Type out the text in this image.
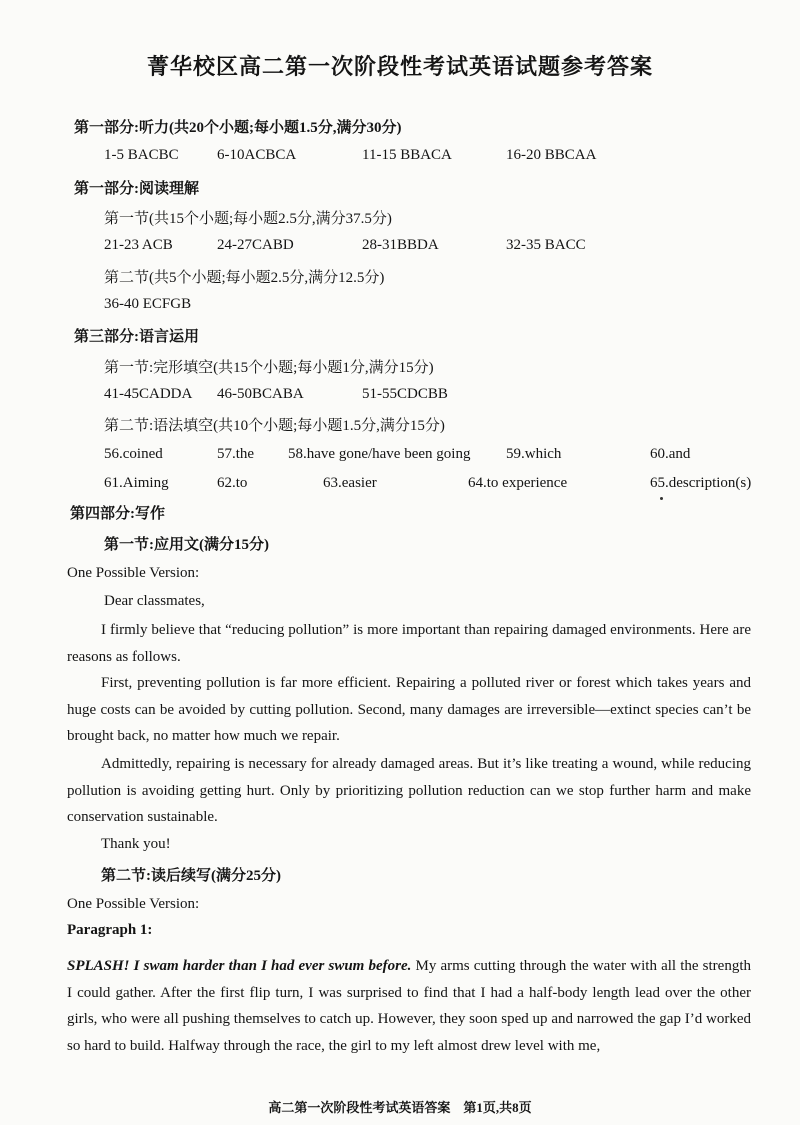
菁华校区高二第一次阶段性考试英语试题参考答案
第一部分:听力(共20个小题;每小题1.5分,满分30分)
1-5 BACBC	6-10ACBCA	11-15 BBACA	16-20 BBCAA
第一部分:阅读理解
第一节(共15个小题;每小题2.5分,满分37.5分)
21-23 ACB	24-27CABD	28-31BBDA	32-35 BACC
第二节(共5个小题;每小题2.5分,满分12.5分)
36-40 ECFGB
第三部分:语言运用
第一节:完形填空(共15个小题;每小题1分,满分15分)
41-45CADDA 46-50BCABA	51-55CDCBB
第二节:语法填空(共10个小题;每小题1.5分,满分15分)
56.coined	57.the 58.have gone/have been going 59.which	60.and
61.Aiming	62.to	63.easier	64.to experience	65.description(s)
第四部分:写作
第一节:应用文(满分15分)
One Possible Version:
Dear classmates,
I firmly believe that “reducing pollution” is more important than repairing damaged environments. Here are reasons as follows.
First, preventing pollution is far more efficient. Repairing a polluted river or forest which takes years and huge costs can be avoided by cutting pollution. Second, many damages are irreversible—extinct species can’t be brought back, no matter how much we repair.
Admittedly, repairing is necessary for already damaged areas. But it’s like treating a wound, while reducing pollution is avoiding getting hurt. Only by prioritizing pollution reduction can we stop further harm and make conservation sustainable.
Thank you!
第二节:读后续写(满分25分)
One Possible Version:
Paragraph 1:
SPLASH! I swam harder than I had ever swum before. My arms cutting through the water with all the strength I could gather. After the first flip turn, I was surprised to find that I had a half-body length lead over the other girls, who were all pushing themselves to catch up. However, they soon sped up and narrowed the gap I’d worked so hard to build. Halfway through the race, the girl to my left almost drew level with me,
高二第一次阶段性考试英语答案　第1页,共8页
